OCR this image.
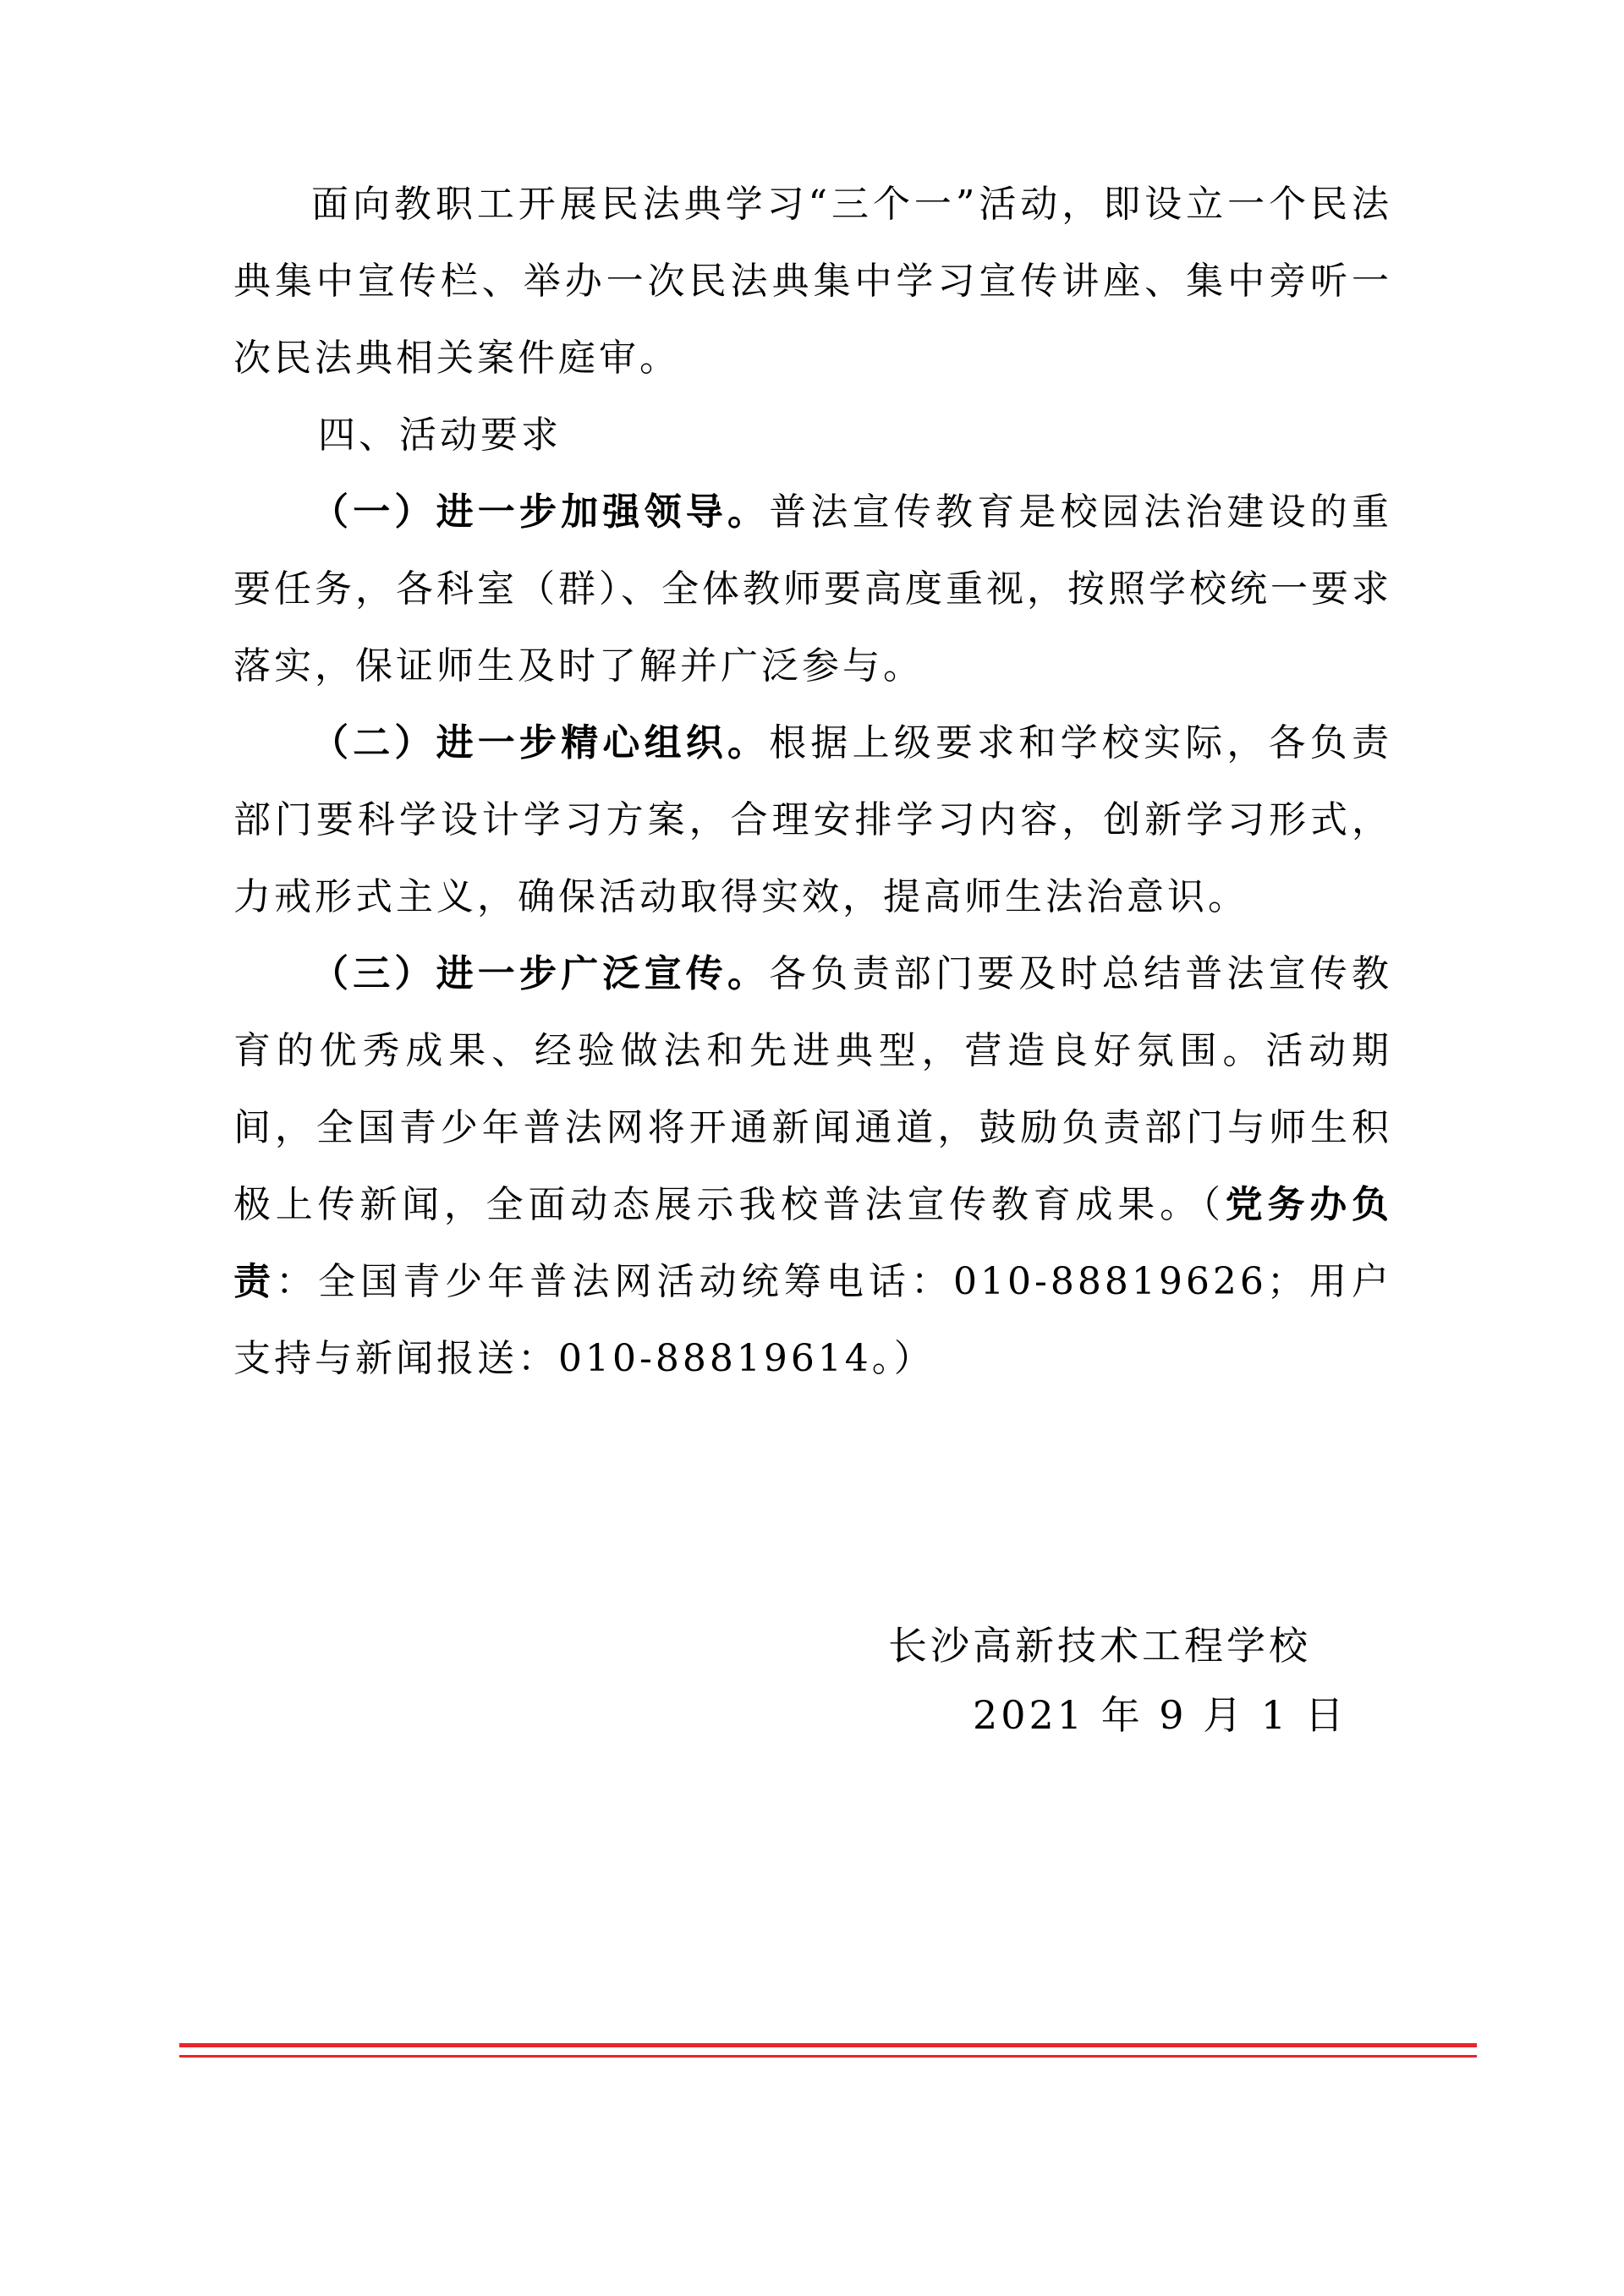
面向教职工开展民法典学习“三个一”活动，即设立一个民法典集中宣传栏、举办一次民法典集中学习宣传讲座、集中旁听一次民法典相关案件庭审。

四、活动要求

（一）进一步加强领导。普法宣传教育是校园法治建设的重要任务，各科室（群）、全体教师要高度重视，按照学校统一要求落实，保证师生及时了解并广泛参与。

（二）进一步精心组织。根据上级要求和学校实际，各负责部门要科学设计学习方案，合理安排学习内容，创新学习形式，力戒形式主义，确保活动取得实效，提高师生法治意识。

（三）进一步广泛宣传。各负责部门要及时总结普法宣传教育的优秀成果、经验做法和先进典型，营造良好氛围。活动期间，全国青少年普法网将开通新闻通道，鼓励负责部门与师生积极上传新闻，全面动态展示我校普法宣传教育成果。（党务办负责：全国青少年普法网活动统筹电话：010-88819626；用户支持与新闻报送：010-88819614。）

长沙高新技术工程学校
2021 年 9 月 1 日
